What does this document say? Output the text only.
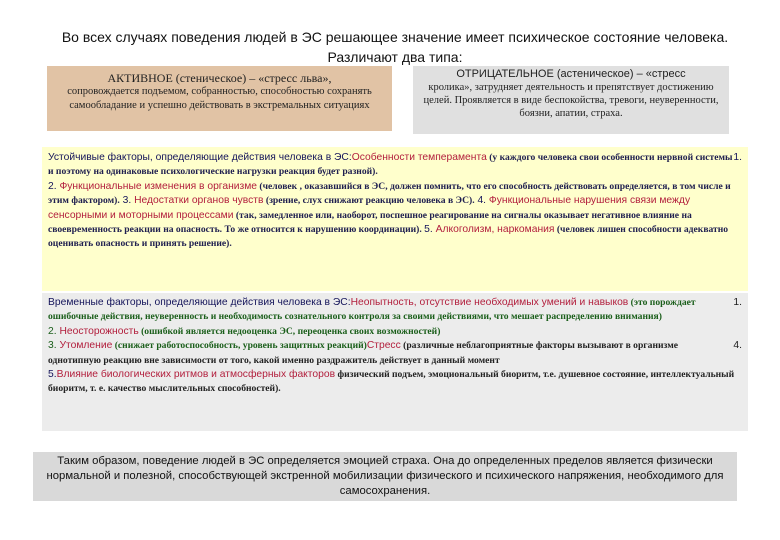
Во всех случаях поведения людей в ЭС решающее значение имеет психическое состояние человека. Различают два типа:
АКТИВНОЕ (стеническое) – «стресс льва»,
сопровождается подъемом, собранностью, способностью сохранять самообладание и успешно действовать в экстремальных ситуациях
ОТРИЦАТЕЛЬНОЕ (астеническое) – «стресс
кролика», затрудняет деятельность и препятствует достижению целей. Проявляется в виде беспокойства, тревоги, неуверенности, боязни, апатии, страха.
Устойчивые факторы, определяющие действия человека в ЭС:	1.
Особенности темперамента (у каждого человека свои особенности нервной системы и поэтому на одинаковые психологические нагрузки реакция будет разной).
2. Функциональные изменения в организме (человек , оказавшийся в ЭС, должен помнить, что его способность действовать определяется, в том числе и этим фактором). 3. Недостатки органов чувств (зрение, слух снижают реакцию человека в ЭС). 4. Функциональные нарушения связи между сенсорными и моторными процессами (так, замедленное или, наоборот, поспешное реагирование на сигналы оказывает негативное влияние на своевременность реакции на опасность. То же относится к нарушению координации). 5. Алкоголизм, наркомания (человек лишен способности адекватно оценивать опасность и принять решение).
Временные факторы, определяющие действия человека в ЭС:	1.
Неопытность, отсутствие необходимых умений и навыков (это порождает ошибочные действия, неуверенность и необходимость сознательного контроля за своими действиями, что мешает распределению внимания)
2. Неосторожность (ошибкой является недооценка ЭС, переоценка своих возможностей)
3. Утомление (снижает работоспособность, уровень защитных реакций)	4.
Стресс (различные неблагоприятные факторы вызывают в организме однотипную реакцию вне зависимости от того, какой именно раздражитель действует в данный момент
5.Влияние биологических ритмов и атмосферных факторов физический подъем, эмоциональный биоритм, т.е. душевное состояние, интеллектуальный биоритм, т. е. качество мыслительных способностей).
Таким образом, поведение людей в ЭС определяется эмоцией страха. Она до определенных пределов является физически нормальной и полезной, способствующей экстренной мобилизации физического и психического напряжения, необходимого для самосохранения.
